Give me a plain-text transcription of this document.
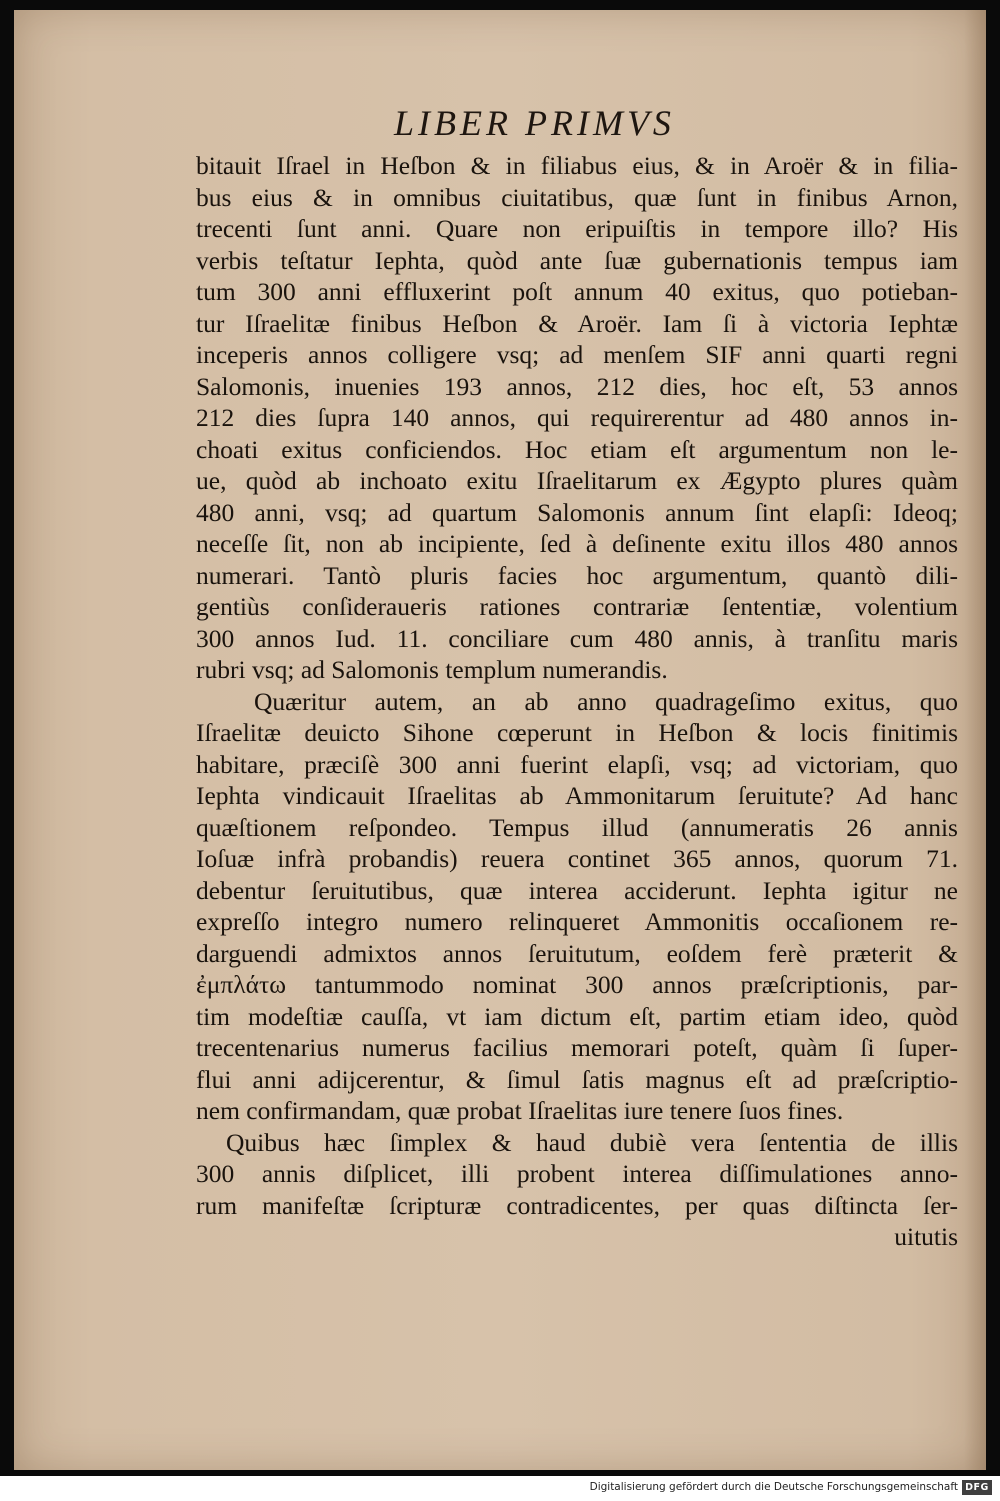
LIBER PRIMVS
bitauit Iſrael in Heſbon & in filiabus eius, & in Aroër & in filia-
bus eius & in omnibus ciuitatibus, quæ ſunt in finibus Arnon,
trecenti ſunt anni. Quare non eripuiſtis in tempore illo? His
verbis teſtatur Iephta, quòd ante ſuæ gubernationis tempus iam
tum 300 anni effluxerint poſt annum 40 exitus, quo potieban-
tur Iſraelitæ finibus Heſbon & Aroër. Iam ſi à victoria Iephtæ
inceperis annos colligere vsq; ad menſem SIF anni quarti regni
Salomonis, inuenies 193 annos, 212 dies, hoc eſt, 53 annos
212 dies ſupra 140 annos, qui requirerentur ad 480 annos in-
choati exitus conficiendos. Hoc etiam eſt argumentum non le-
ue, quòd ab inchoato exitu Iſraelitarum ex Ægypto plures quàm
480 anni, vsq; ad quartum Salomonis annum ſint elapſi: Ideoq;
neceſſe ſit, non ab incipiente, ſed à deſinente exitu illos 480 annos
numerari. Tantò pluris facies hoc argumentum, quantò dili-
gentiùs conſideraueris rationes contrariæ ſententiæ, volentium
300 annos Iud. 11. conciliare cum 480 annis, à tranſitu maris
rubri vsq; ad Salomonis templum numerandis.
Quæritur autem, an ab anno quadrageſimo exitus, quo
Iſraelitæ deuicto Sihone cœperunt in Heſbon & locis finitimis
habitare, præciſè 300 anni fuerint elapſi, vsq; ad victoriam, quo
Iephta vindicauit Iſraelitas ab Ammonitarum ſeruitute? Ad hanc
quæſtionem reſpondeo. Tempus illud (annumeratis 26 annis
Ioſuæ infrà probandis) reuera continet 365 annos, quorum 71.
debentur ſeruitutibus, quæ interea acciderunt. Iephta igitur ne
expreſſo integro numero relinqueret Ammonitis occaſionem re-
darguendi admixtos annos ſeruitutum, eoſdem ferè præterit &
ἐμπλάτω tantummodo nominat 300 annos præſcriptionis, par-
tim modeſtiæ cauſſa, vt iam dictum eſt, partim etiam ideo, quòd
trecentenarius numerus facilius memorari poteſt, quàm ſi ſuper-
flui anni adijcerentur, & ſimul ſatis magnus eſt ad præſcriptio-
nem confirmandam, quæ probat Iſraelitas iure tenere ſuos fines.
Quibus hæc ſimplex & haud dubiè vera ſententia de illis
300 annis diſplicet, illi probent interea diſſimulationes anno-
rum manifeſtæ ſcripturæ contradicentes, per quas diſtincta ſer-
uitutis
Digitalisierung gefördert durch die Deutsche Forschungsgemeinschaft DFG
